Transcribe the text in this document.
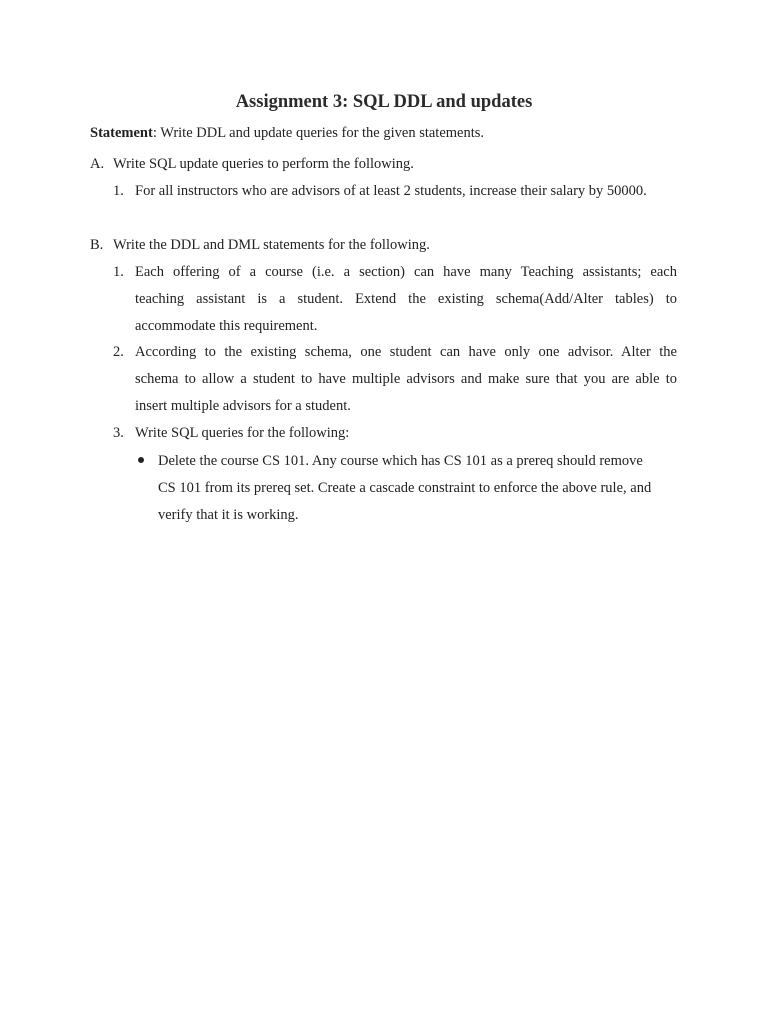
Assignment 3: SQL DDL and updates
Statement: Write DDL and update queries for the given statements.
A. Write SQL update queries to perform the following.
1. For all instructors who are advisors of at least 2 students, increase their salary by 50000.
B. Write the DDL and DML statements for the following.
1. Each offering of a course (i.e. a section) can have many Teaching assistants; each
teaching assistant is a student. Extend the existing schema(Add/Alter tables) to
accommodate this requirement.
2. According to the existing schema, one student can have only one advisor. Alter the
schema to allow a student to have multiple advisors and make sure that you are able to
insert multiple advisors for a student.
3. Write SQL queries for the following:
Delete the course CS 101. Any course which has CS 101 as a prereq should remove
CS 101 from its prereq set. Create a cascade constraint to enforce the above rule, and
verify that it is working.
